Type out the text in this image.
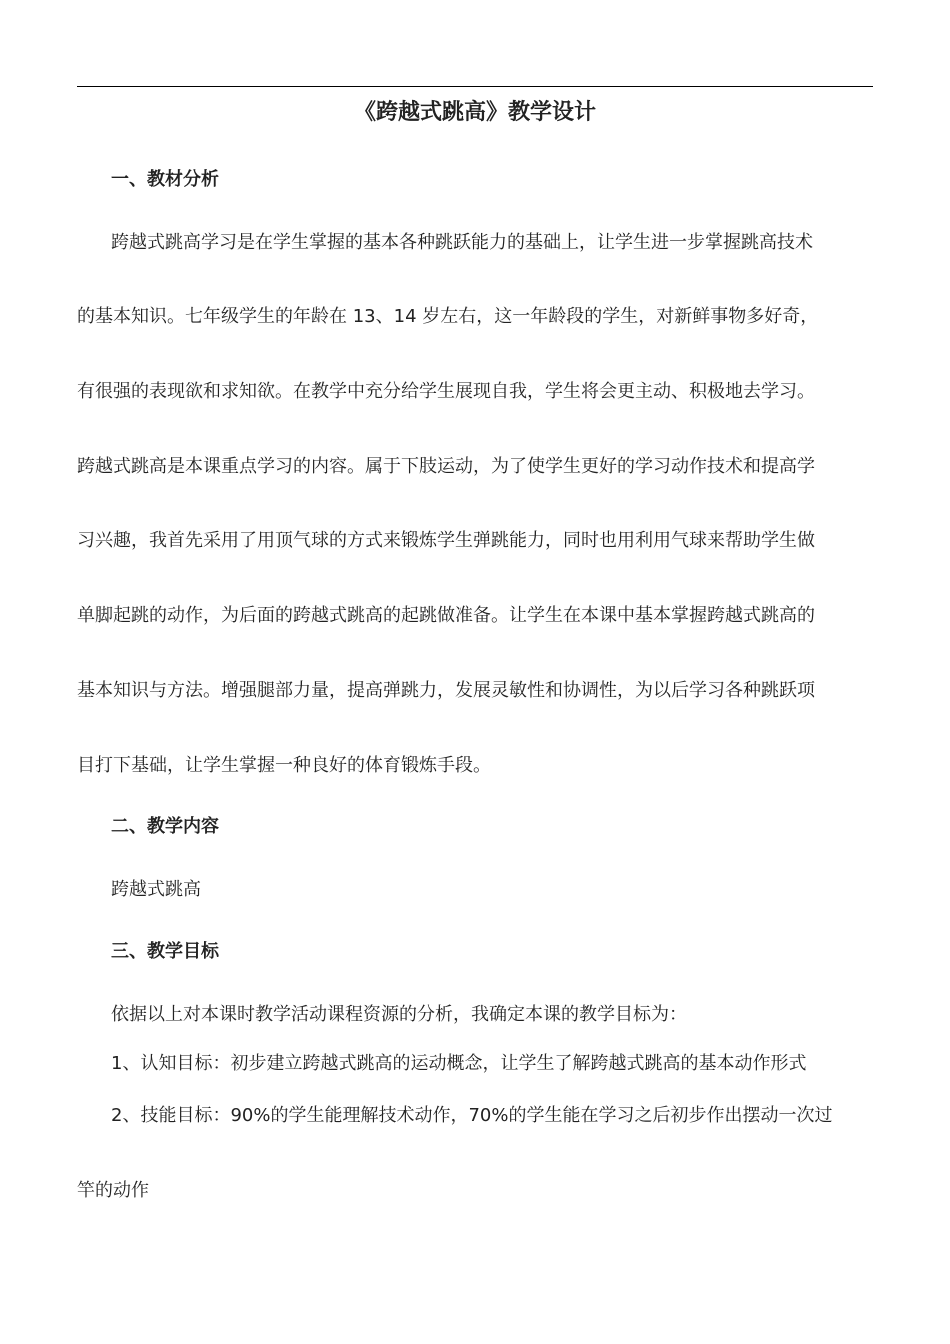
《跨越式跳高》教学设计
一、教材分析
跨越式跳高学习是在学生掌握的基本各种跳跃能力的基础上，让学生进一步掌握跳高技术
的基本知识。七年级学生的年龄在 13、14 岁左右，这一年龄段的学生，对新鲜事物多好奇，
有很强的表现欲和求知欲。在教学中充分给学生展现自我，学生将会更主动、积极地去学习。
跨越式跳高是本课重点学习的内容。属于下肢运动，为了使学生更好的学习动作技术和提高学
习兴趣，我首先采用了用顶气球的方式来锻炼学生弹跳能力，同时也用利用气球来帮助学生做
单脚起跳的动作，为后面的跨越式跳高的起跳做准备。让学生在本课中基本掌握跨越式跳高的
基本知识与方法。增强腿部力量，提高弹跳力，发展灵敏性和协调性，为以后学习各种跳跃项
目打下基础，让学生掌握一种良好的体育锻炼手段。
二、教学内容
跨越式跳高
三、教学目标
依据以上对本课时教学活动课程资源的分析，我确定本课的教学目标为：
1、认知目标：初步建立跨越式跳高的运动概念，让学生了解跨越式跳高的基本动作形式
2、技能目标：90%的学生能理解技术动作，70%的学生能在学习之后初步作出摆动一次过
竿的动作
